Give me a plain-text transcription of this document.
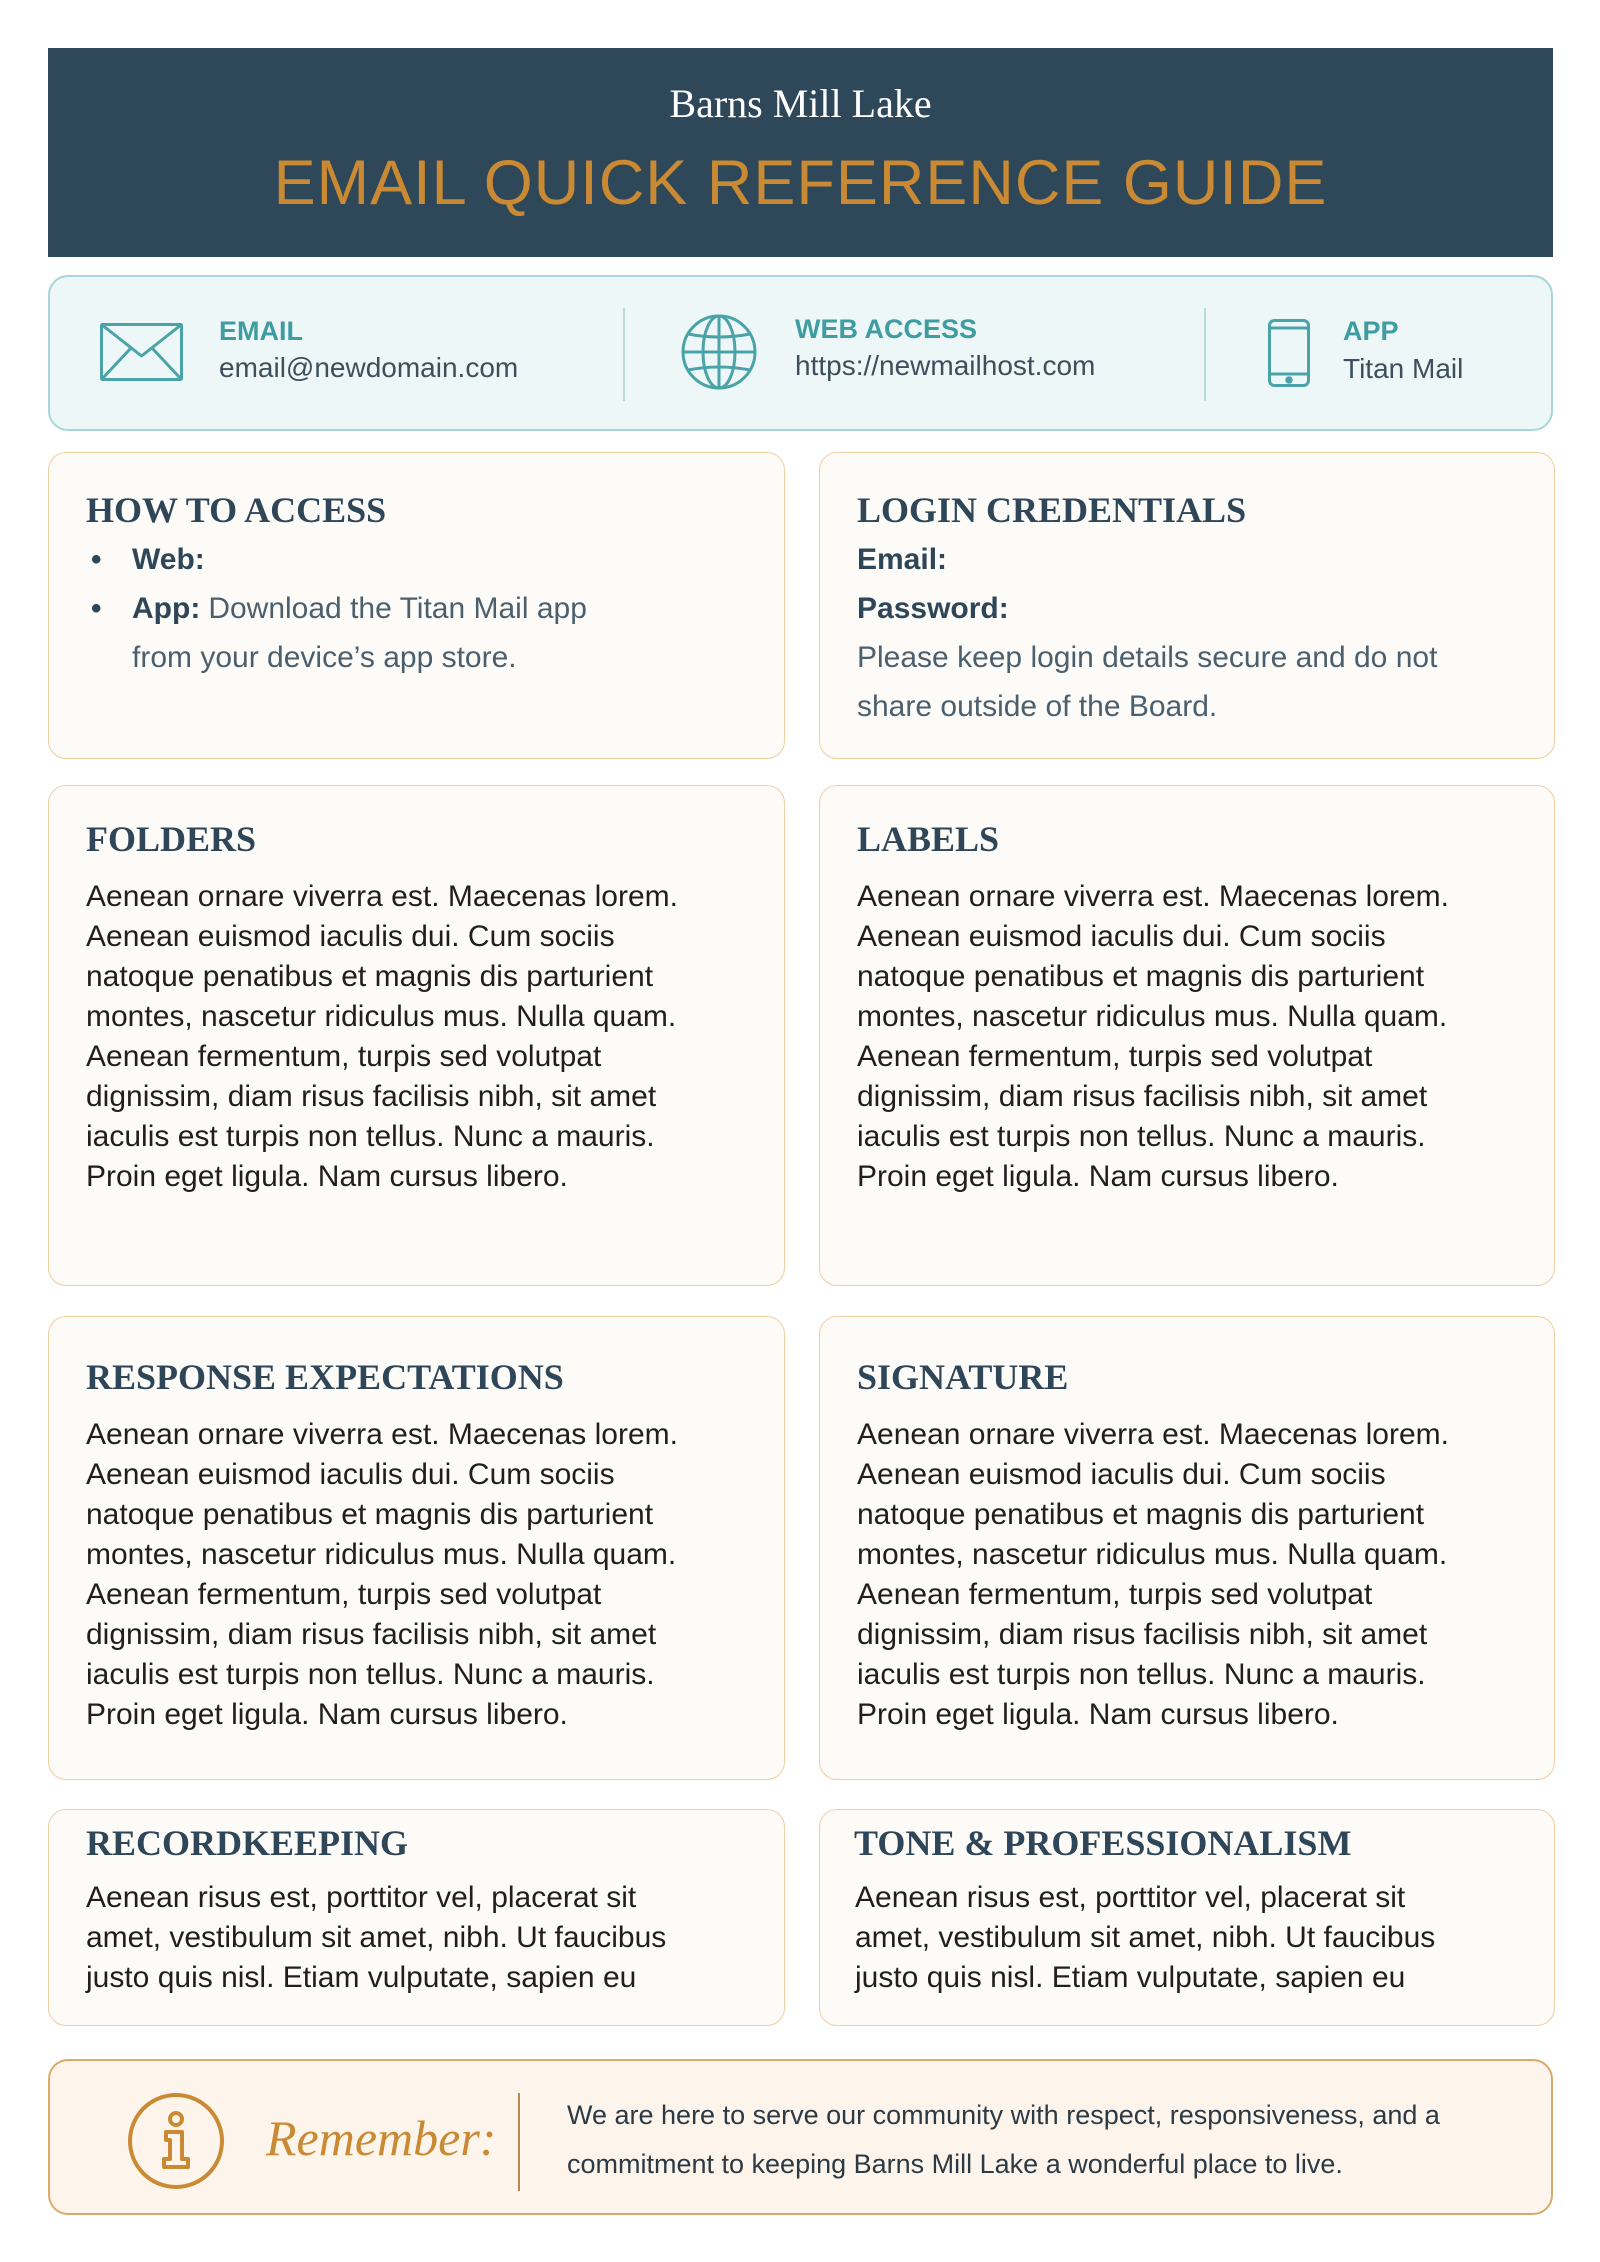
Barns Mill Lake
EMAIL QUICK REFERENCE GUIDE
EMAIL
email@newdomain.com
WEB ACCESS
https://newmailhost.com
APP
Titan Mail
HOW TO ACCESS
• Web:
• App: Download the Titan Mail app
from your device’s app store.
LOGIN CREDENTIALS
Email:
Password:
Please keep login details secure and do not
share outside of the Board.
FOLDERS
Aenean ornare viverra est. Maecenas lorem.
Aenean euismod iaculis dui. Cum sociis
natoque penatibus et magnis dis parturient
montes, nascetur ridiculus mus. Nulla quam.
Aenean fermentum, turpis sed volutpat
dignissim, diam risus facilisis nibh, sit amet
iaculis est turpis non tellus. Nunc a mauris.
Proin eget ligula. Nam cursus libero.
LABELS
Aenean ornare viverra est. Maecenas lorem.
Aenean euismod iaculis dui. Cum sociis
natoque penatibus et magnis dis parturient
montes, nascetur ridiculus mus. Nulla quam.
Aenean fermentum, turpis sed volutpat
dignissim, diam risus facilisis nibh, sit amet
iaculis est turpis non tellus. Nunc a mauris.
Proin eget ligula. Nam cursus libero.
RESPONSE EXPECTATIONS
Aenean ornare viverra est. Maecenas lorem.
Aenean euismod iaculis dui. Cum sociis
natoque penatibus et magnis dis parturient
montes, nascetur ridiculus mus. Nulla quam.
Aenean fermentum, turpis sed volutpat
dignissim, diam risus facilisis nibh, sit amet
iaculis est turpis non tellus. Nunc a mauris.
Proin eget ligula. Nam cursus libero.
SIGNATURE
Aenean ornare viverra est. Maecenas lorem.
Aenean euismod iaculis dui. Cum sociis
natoque penatibus et magnis dis parturient
montes, nascetur ridiculus mus. Nulla quam.
Aenean fermentum, turpis sed volutpat
dignissim, diam risus facilisis nibh, sit amet
iaculis est turpis non tellus. Nunc a mauris.
Proin eget ligula. Nam cursus libero.
RECORDKEEPING
Aenean risus est, porttitor vel, placerat sit
amet, vestibulum sit amet, nibh. Ut faucibus
justo quis nisl. Etiam vulputate, sapien eu
TONE & PROFESSIONALISM
Aenean risus est, porttitor vel, placerat sit
amet, vestibulum sit amet, nibh. Ut faucibus
justo quis nisl. Etiam vulputate, sapien eu
Remember:	We are here to serve our community with respect, responsiveness, and a
commitment to keeping Barns Mill Lake a wonderful place to live.
